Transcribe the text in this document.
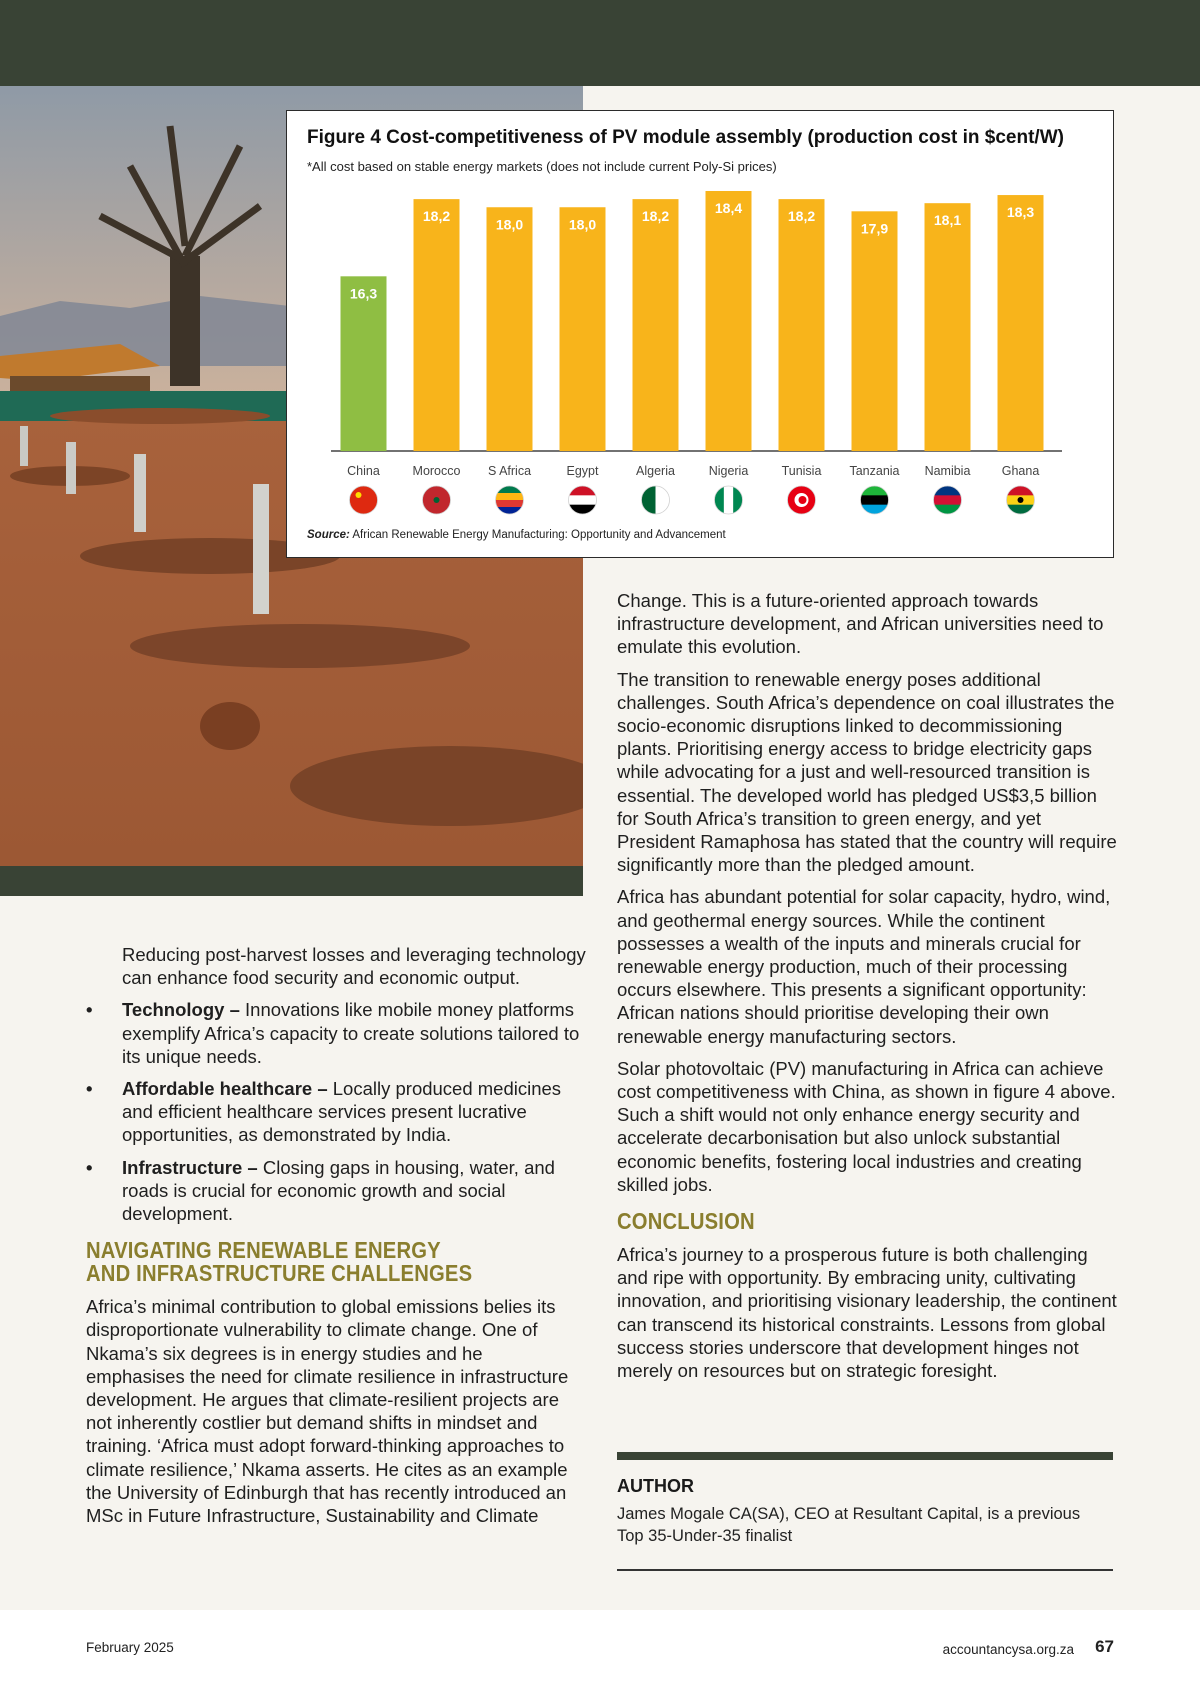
Figure 4 Cost-competitiveness of PV module assembly (production cost in $cent/W)
*All cost based on stable energy markets (does not include current Poly-Si prices)
16,3
China
18,2
Morocco
18,0
S Africa
18,0
Egypt
18,2
Algeria
18,4
Nigeria
18,2
Tunisia
17,9
Tanzania
18,1
Namibia
18,3
Ghana
Source: African Renewable Energy Manufacturing: Opportunity and Advancement

Reducing post-harvest losses and leveraging technology can enhance food security and economic output.

• Technology – Innovations like mobile money platforms exemplify Africa’s capacity to create solutions tailored to its unique needs.
• Affordable healthcare – Locally produced medicines and efficient healthcare services present lucrative opportunities, as demonstrated by India.
• Infrastructure – Closing gaps in housing, water, and roads is crucial for economic growth and social development.
NAVIGATING RENEWABLE ENERGY
AND INFRASTRUCTURE CHALLENGES

Africa’s minimal contribution to global emissions belies its disproportionate vulnerability to climate change. One of Nkama’s six degrees is in energy studies and he emphasises the need for climate resilience in infrastructure development. He argues that climate-resilient projects are not inherently costlier but demand shifts in mindset and training. ‘Africa must adopt forward-thinking approaches to climate resilience,’ Nkama asserts. He cites as an example the University of Edinburgh that has recently introduced an MSc in Future Infrastructure, Sustainability and Climate

Change. This is a future-oriented approach towards infrastructure development, and African universities need to emulate this evolution.

The transition to renewable energy poses additional challenges. South Africa’s dependence on coal illustrates the socio-economic disruptions linked to decommissioning plants. Prioritising energy access to bridge electricity gaps while advocating for a just and well-resourced transition is essential. The developed world has pledged US$3,5 billion for South Africa’s transition to green energy, and yet President Ramaphosa has stated that the country will require significantly more than the pledged amount.

Africa has abundant potential for solar capacity, hydro, wind, and geothermal energy sources. While the continent possesses a wealth of the inputs and minerals crucial for renewable energy production, much of their processing occurs elsewhere. This presents a significant opportunity: African nations should prioritise developing their own renewable energy manufacturing sectors.

Solar photovoltaic (PV) manufacturing in Africa can achieve cost competitiveness with China, as shown in figure 4 above. Such a shift would not only enhance energy security and accelerate decarbonisation but also unlock substantial economic benefits, fostering local industries and creating skilled jobs.

CONCLUSION

Africa’s journey to a prosperous future is both challenging and ripe with opportunity. By embracing unity, cultivating innovation, and prioritising visionary leadership, the continent can transcend its historical constraints. Lessons from global success stories underscore that development hinges not merely on resources but on strategic foresight.

AUTHOR
James Mogale CA(SA), CEO at Resultant Capital, is a previous Top 35-Under-35 finalist
February 2025	accountancysa.org.za 67
